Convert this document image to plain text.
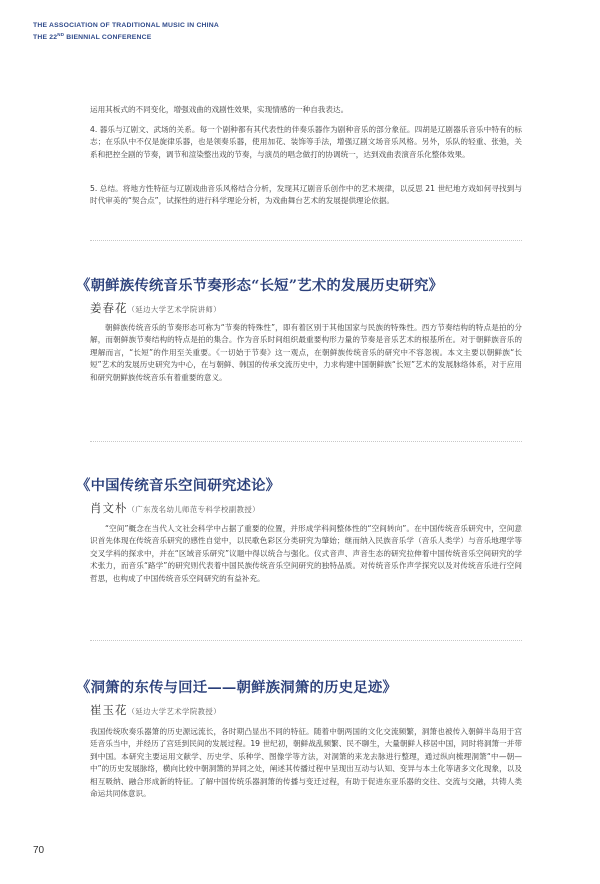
THE ASSOCIATION OF TRADITIONAL MUSIC IN CHINA
THE 22ND BIENNIAL CONFERENCE

运用其板式的不同变化，增强戏曲的戏剧性效果，实现情感的一种自我表达。

4. 器乐与辽剧文、武场的关系。每一个剧种都有其代表性的伴奏乐器作为剧种音乐的部分象征。四胡是辽剧器乐音乐中特有的标志；在乐队中不仅是旋律乐器，也是领奏乐器，使用加花、装饰等手法，增强辽剧文场音乐风格。另外，乐队的轻重、张弛，关系和把控全剧的节奏，调节和渲染整出戏的节奏，与演员的唱念做打的协调统一，达到戏曲表演音乐化整体效果。

5. 总结。将地方性特征与辽剧戏曲音乐风格结合分析，发现其辽剧音乐创作中的艺术规律，以反思 21 世纪地方戏如何寻找到与时代审美的“契合点”，试探性的进行科学理论分析，为戏曲舞台艺术的发展提供理论依据。

《朝鲜族传统音乐节奏形态“长短”艺术的发展历史研究》
姜春花（延边大学艺术学院讲师）

朝鲜族传统音乐的节奏形态可称为“节奏的特殊性”，即有着区别于其他国家与民族的特殊性。西方节奏结构的特点是拍的分解，而朝鲜族节奏结构的特点是拍的集合。作为音乐时间组织最重要构形力量的节奏是音乐艺术的根基所在。对于朝鲜族音乐的理解而言，“长短”的作用至关重要。《一切始于节奏》这一观点，在朝鲜族传统音乐的研究中不容忽视。本文主要以朝鲜族“长短”艺术的发展历史研究为中心，在与朝鲜、韩国的传承交流历史中，力求构建中国朝鲜族“长短”艺术的发展脉络体系，对于应用和研究朝鲜族传统音乐有着重要的意义。

《中国传统音乐空间研究述论》
肖文朴（广东茂名幼儿师范专科学校副教授）

“空间”概念在当代人文社会科学中占据了重要的位置，并形成学科间整体性的“空间转向”。在中国传统音乐研究中，空间意识首先体现在传统音乐研究的感性自觉中，以民歌色彩区分类研究为肇始；继而纳入民族音乐学（音乐人类学）与音乐地理学等交叉学科的探求中，并在“区域音乐研究”议题中得以统合与强化。仪式音声、声音生态的研究拉伸着中国传统音乐空间研究的学术张力，而音乐“路学”的研究则代表着中国民族传统音乐空间研究的独特品质。对传统音乐作声学探究以及对传统音乐进行空间哲思，也构成了中国传统音乐空间研究的有益补充。

《洞箫的东传与回迁——朝鲜族洞箫的历史足迹》
崔玉花（延边大学艺术学院教授）

我国传统吹奏乐器箫的历史源远流长，各时期凸显出不同的特征。随着中朝两国的文化交流频繁，洞箫也被传入朝鲜半岛用于宫廷音乐当中，并经历了宫廷到民间的发展过程。19 世纪初，朝鲜战乱频繁、民不聊生，大量朝鲜人移居中国，同时将洞箫一并带到中国。本研究主要运用文献学、历史学、乐种学、图像学等方法，对洞箫的来龙去脉进行整理，通过纵向梳理洞箫“中—朝—中”的历史发展脉络，横向比较中朝洞箫的异同之处，阐述其传播过程中呈现出互动与认知、变异与本土化等诸多文化现象，以及相互吸纳、融合形成新的特征。了解中国传统乐器洞箫的传播与变迁过程，有助于促进东亚乐器的交往、交流与交融，共铸人类命运共同体意识。

70
